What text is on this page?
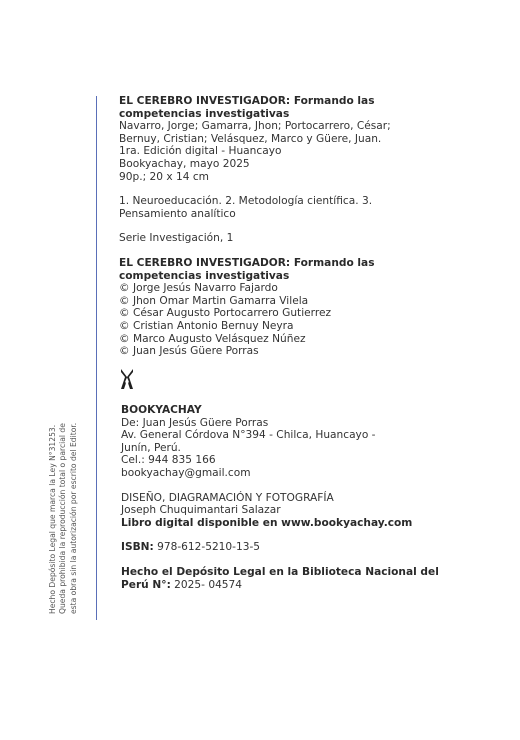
Hecho Depósito Legal que marca la Ley N°31253. Queda prohibida la reproducción total o parcial de esta obra sin la autorización por escrito del Editor.
EL CEREBRO INVESTIGADOR: Formando las
competencias investigativas
Navarro, Jorge; Gamarra, Jhon; Portocarrero, César;
Bernuy, Cristian; Velásquez, Marco y Güere, Juan.
1ra. Edición digital - Huancayo
Bookyachay, mayo 2025
90p.; 20 x 14 cm
1. Neuroeducación. 2. Metodología científica. 3.
Pensamiento analítico
Serie Investigación, 1
EL CEREBRO INVESTIGADOR: Formando las
competencias investigativas
© Jorge Jesús Navarro Fajardo
© Jhon Omar Martin Gamarra Vilela
© César Augusto Portocarrero Gutierrez
© Cristian Antonio Bernuy Neyra
© Marco Augusto Velásquez Núñez
© Juan Jesús Güere Porras
BOOKYACHAY
De: Juan Jesús Güere Porras
Av. General Córdova N°394 - Chilca, Huancayo -
Junín, Perú.
Cel.: 944 835 166
bookyachay@gmail.com
DISEÑO, DIAGRAMACIÓN Y FOTOGRAFÍA
Joseph Chuquimantari Salazar
Libro digital disponible en www.bookyachay.com
ISBN: 978-612-5210-13-5
Hecho el Depósito Legal en la Biblioteca Nacional del
Perú N°: 2025- 04574
